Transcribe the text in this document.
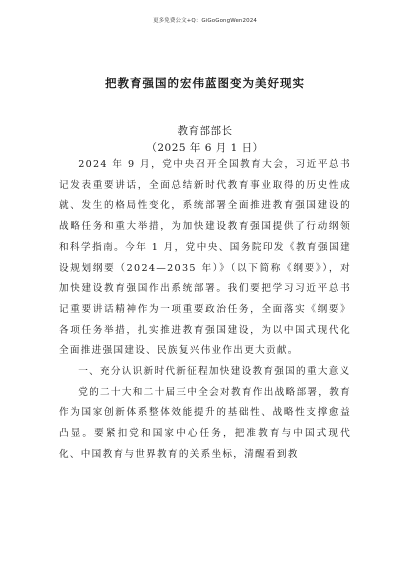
更多免费公文+Q：GiGoGongWen2024
把教育强国的宏伟蓝图变为美好现实
教育部部长
（2025 年 6 月 1 日）

2024 年 9 月，党中央召开全国教育大会，习近平总书记发表重要讲话，全面总结新时代教育事业取得的历史性成就、发生的格局性变化，系统部署全面推进教育强国建设的战略任务和重大举措，为加快建设教育强国提供了行动纲领和科学指南。今年 1 月，党中央、国务院印发《教育强国建设规划纲要（2024—2035 年）》（以下简称《纲要》），对加快建设教育强国作出系统部署。我们要把学习习近平总书记重要讲话精神作为一项重要政治任务，全面落实《纲要》各项任务举措，扎实推进教育强国建设，为以中国式现代化全面推进强国建设、民族复兴伟业作出更大贡献。

一、充分认识新时代新征程加快建设教育强国的重大意义

党的二十大和二十届三中全会对教育作出战略部署，教育作为国家创新体系整体效能提升的基础性、战略性支撑愈益凸显。要紧扣党和国家中心任务，把准教育与中国式现代化、中国教育与世界教育的关系坐标，清醒看到教
